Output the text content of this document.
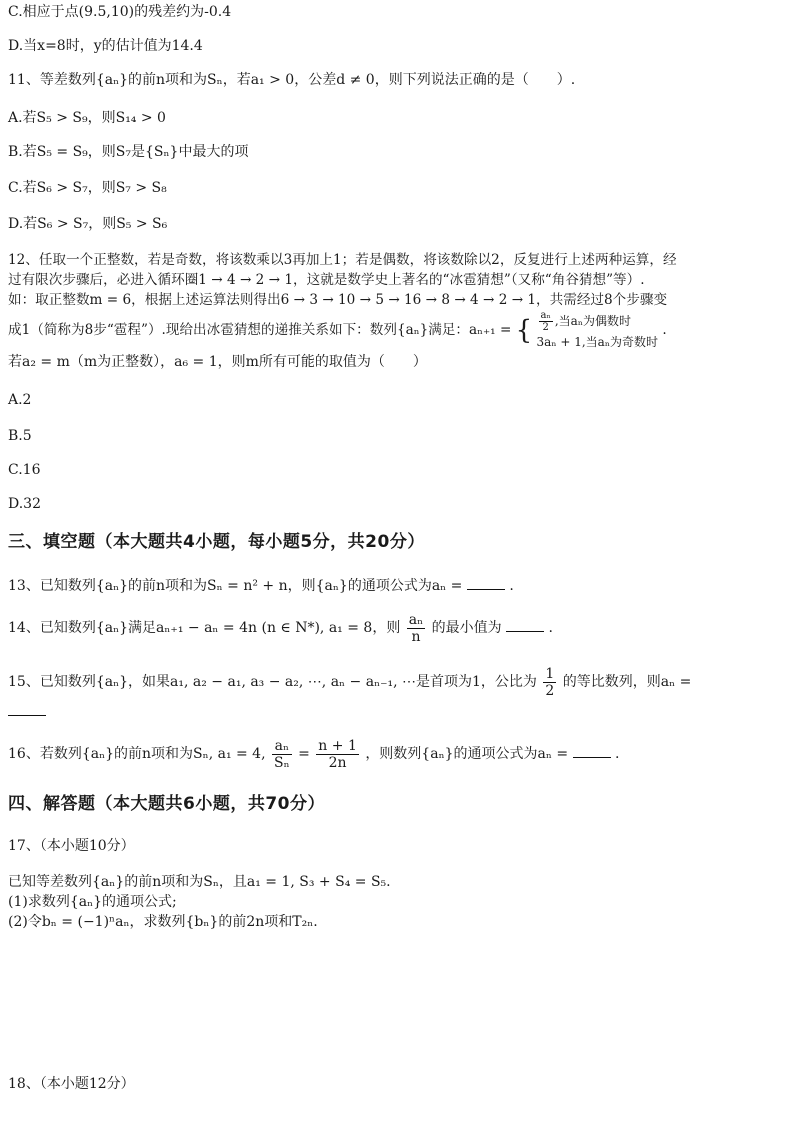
C.相应于点(9.5,10)的残差约为-0.4
D.当x=8时，y的估计值为14.4
11、等差数列{aₙ}的前n项和为Sₙ，若a₁ > 0，公差d ≠ 0，则下列说法正确的是（　　）.
A.若S₅ > S₉，则S₁₄ > 0
B.若S₅ = S₉，则S₇是{Sₙ}中最大的项
C.若S₆ > S₇，则S₇ > S₈
D.若S₆ > S₇，则S₅ > S₆
12、任取一个正整数，若是奇数，将该数乘以3再加上1；若是偶数，将该数除以2，反复进行上述两种运算，经
过有限次步骤后，必进入循环圈1 → 4 → 2 → 1，这就是数学史上著名的“冰雹猜想”（又称“角谷猜想”等）.
如：取正整数m = 6，根据上述运算法则得出6 → 3 → 10 → 5 → 16 → 8 → 4 → 2 → 1，共需经过8个步骤变
成1（简称为8步“雹程”）.现给出冰雹猜想的递推关系如下：数列{aₙ}满足：aₙ₊₁ = { $\frac{\text{aₙ}}{2}$ ,当aₙ为偶数时
3aₙ + 1,当aₙ为奇数时
.
若a₂ = m（m为正整数），a₆ = 1，则m所有可能的取值为（　　）
A.2
B.5
C.16
D.32
三、填空题（本大题共4小题，每小题5分，共20分）
13、已知数列{aₙ}的前n项和为Sₙ = n² + n，则{aₙ}的通项公式为aₙ =	.
14、已知数列{aₙ}满足aₙ₊₁ − aₙ = 4n (n ∈ N*), a₁ = 8，则 $\frac{\text{aₙ}}{n}$ 的最小值为	.
15、已知数列{aₙ}，如果a₁, a₂ − a₁, a₃ − a₂, ⋯, aₙ − aₙ₋₁, ⋯是首项为1，公比为 $\frac{1}{2}$ 的等比数列，则aₙ =
16、若数列{aₙ}的前n项和为Sₙ, a₁ = 4, $\frac{\text{aₙ}}{\text{Sₙ}} = \frac{n + 1}{2n}$ ，则数列{aₙ}的通项公式为aₙ =	.
四、解答题（本大题共6小题，共70分）
17、（本小题10分）
已知等差数列{aₙ}的前n项和为Sₙ，且a₁ = 1, S₃ + S₄ = S₅.
(1)求数列{aₙ}的通项公式;
(2)令bₙ = (−1)ⁿaₙ，求数列{bₙ}的前2n项和T₂ₙ.
18、（本小题12分）
